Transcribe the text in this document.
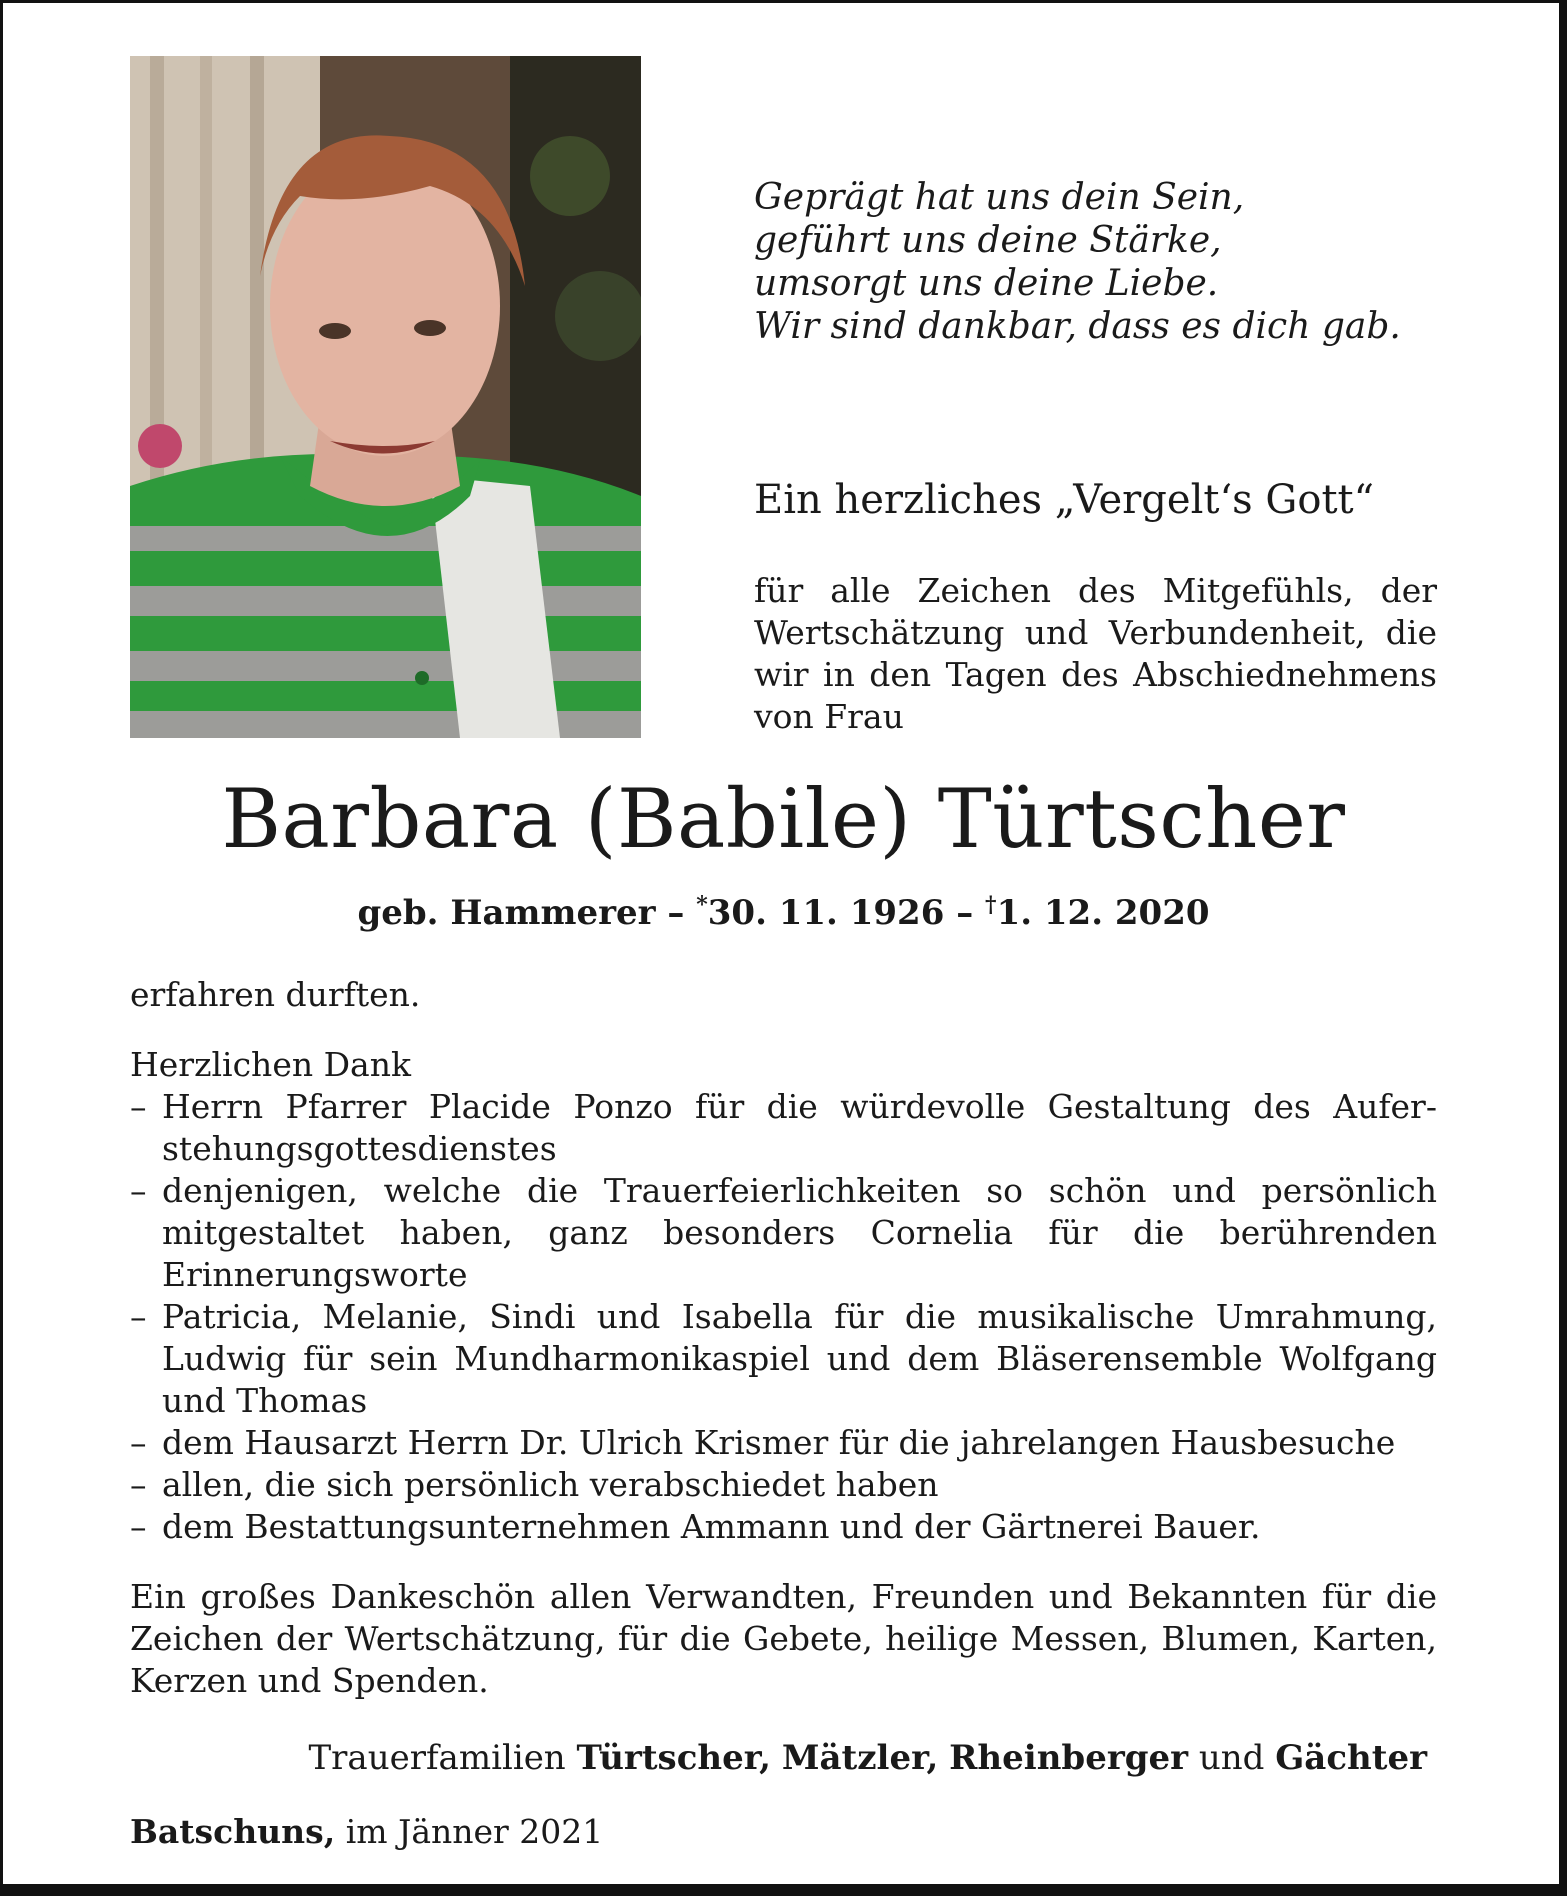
Geprägt hat uns dein Sein,
geführt uns deine Stärke,
umsorgt uns deine Liebe.
Wir sind dankbar, dass es dich gab.
Ein herzliches „Vergelt‘s Gott“
für alle Zeichen des Mitgefühls, der
Wertschätzung und Verbundenheit, die
wir in den Tagen des Abschiednehmens
von Frau
Barbara (Babile) Türtscher
geb. Hammerer – *30. 11. 1926 – †1. 12. 2020

erfahren durften.

Herzlichen Dank

– Herrn Pfarrer Placide Ponzo für die würdevolle Gestaltung des Auferstehungsgottesdienstes
– denjenigen, welche die Trauerfeierlichkeiten so schön und persönlich mitgestaltet haben, ganz besonders Cornelia für die berührenden Erinnerungsworte
– Patricia, Melanie, Sindi und Isabella für die musikalische Umrahmung, Ludwig für sein Mundharmonikaspiel und dem Bläserensemble Wolfgang und Thomas
– dem Hausarzt Herrn Dr. Ulrich Krismer für die jahrelangen Hausbesuche
– allen, die sich persönlich verabschiedet haben
– dem Bestattungsunternehmen Ammann und der Gärtnerei Bauer.

Ein großes Dankeschön allen Verwandten, Freunden und Bekannten für die Zeichen der Wertschätzung, für die Gebete, heilige Messen, Blumen, Karten, Kerzen und Spenden.

Trauerfamilien Türtscher, Mätzler, Rheinberger und Gächter
Batschuns, im Jänner 2021
